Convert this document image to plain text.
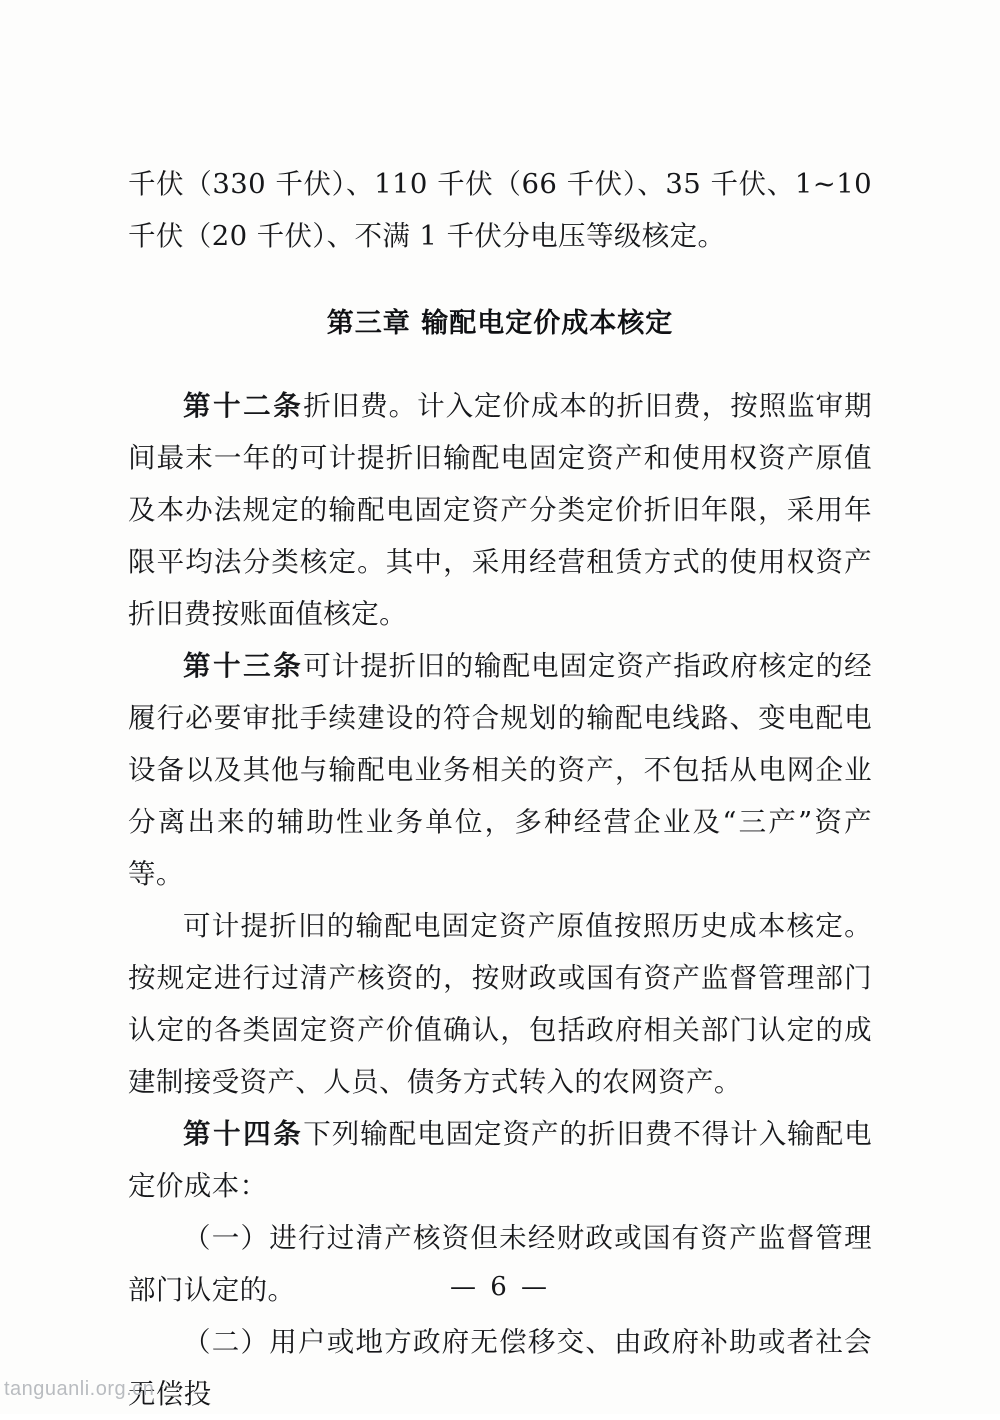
千伏（330 千伏）、110 千伏（66 千伏）、35 千伏、1~10 千伏（20 千伏）、不满 1 千伏分电压等级核定。

第三章 输配电定价成本核定

第十二条折旧费。计入定价成本的折旧费，按照监审期间最末一年的可计提折旧输配电固定资产和使用权资产原值及本办法规定的输配电固定资产分类定价折旧年限，采用年限平均法分类核定。其中，采用经营租赁方式的使用权资产折旧费按账面值核定。

第十三条可计提折旧的输配电固定资产指政府核定的经履行必要审批手续建设的符合规划的输配电线路、变电配电设备以及其他与输配电业务相关的资产，不包括从电网企业分离出来的辅助性业务单位，多种经营企业及“三产”资产等。

可计提折旧的输配电固定资产原值按照历史成本核定。按规定进行过清产核资的，按财政或国有资产监督管理部门认定的各类固定资产价值确认，包括政府相关部门认定的成建制接受资产、人员、债务方式转入的农网资产。

第十四条下列输配电固定资产的折旧费不得计入输配电定价成本：

（一）进行过清产核资但未经财政或国有资产监督管理部门认定的。

（二）用户或地方政府无偿移交、由政府补助或者社会无偿投

— 6 —
tanguanli.org.cn
